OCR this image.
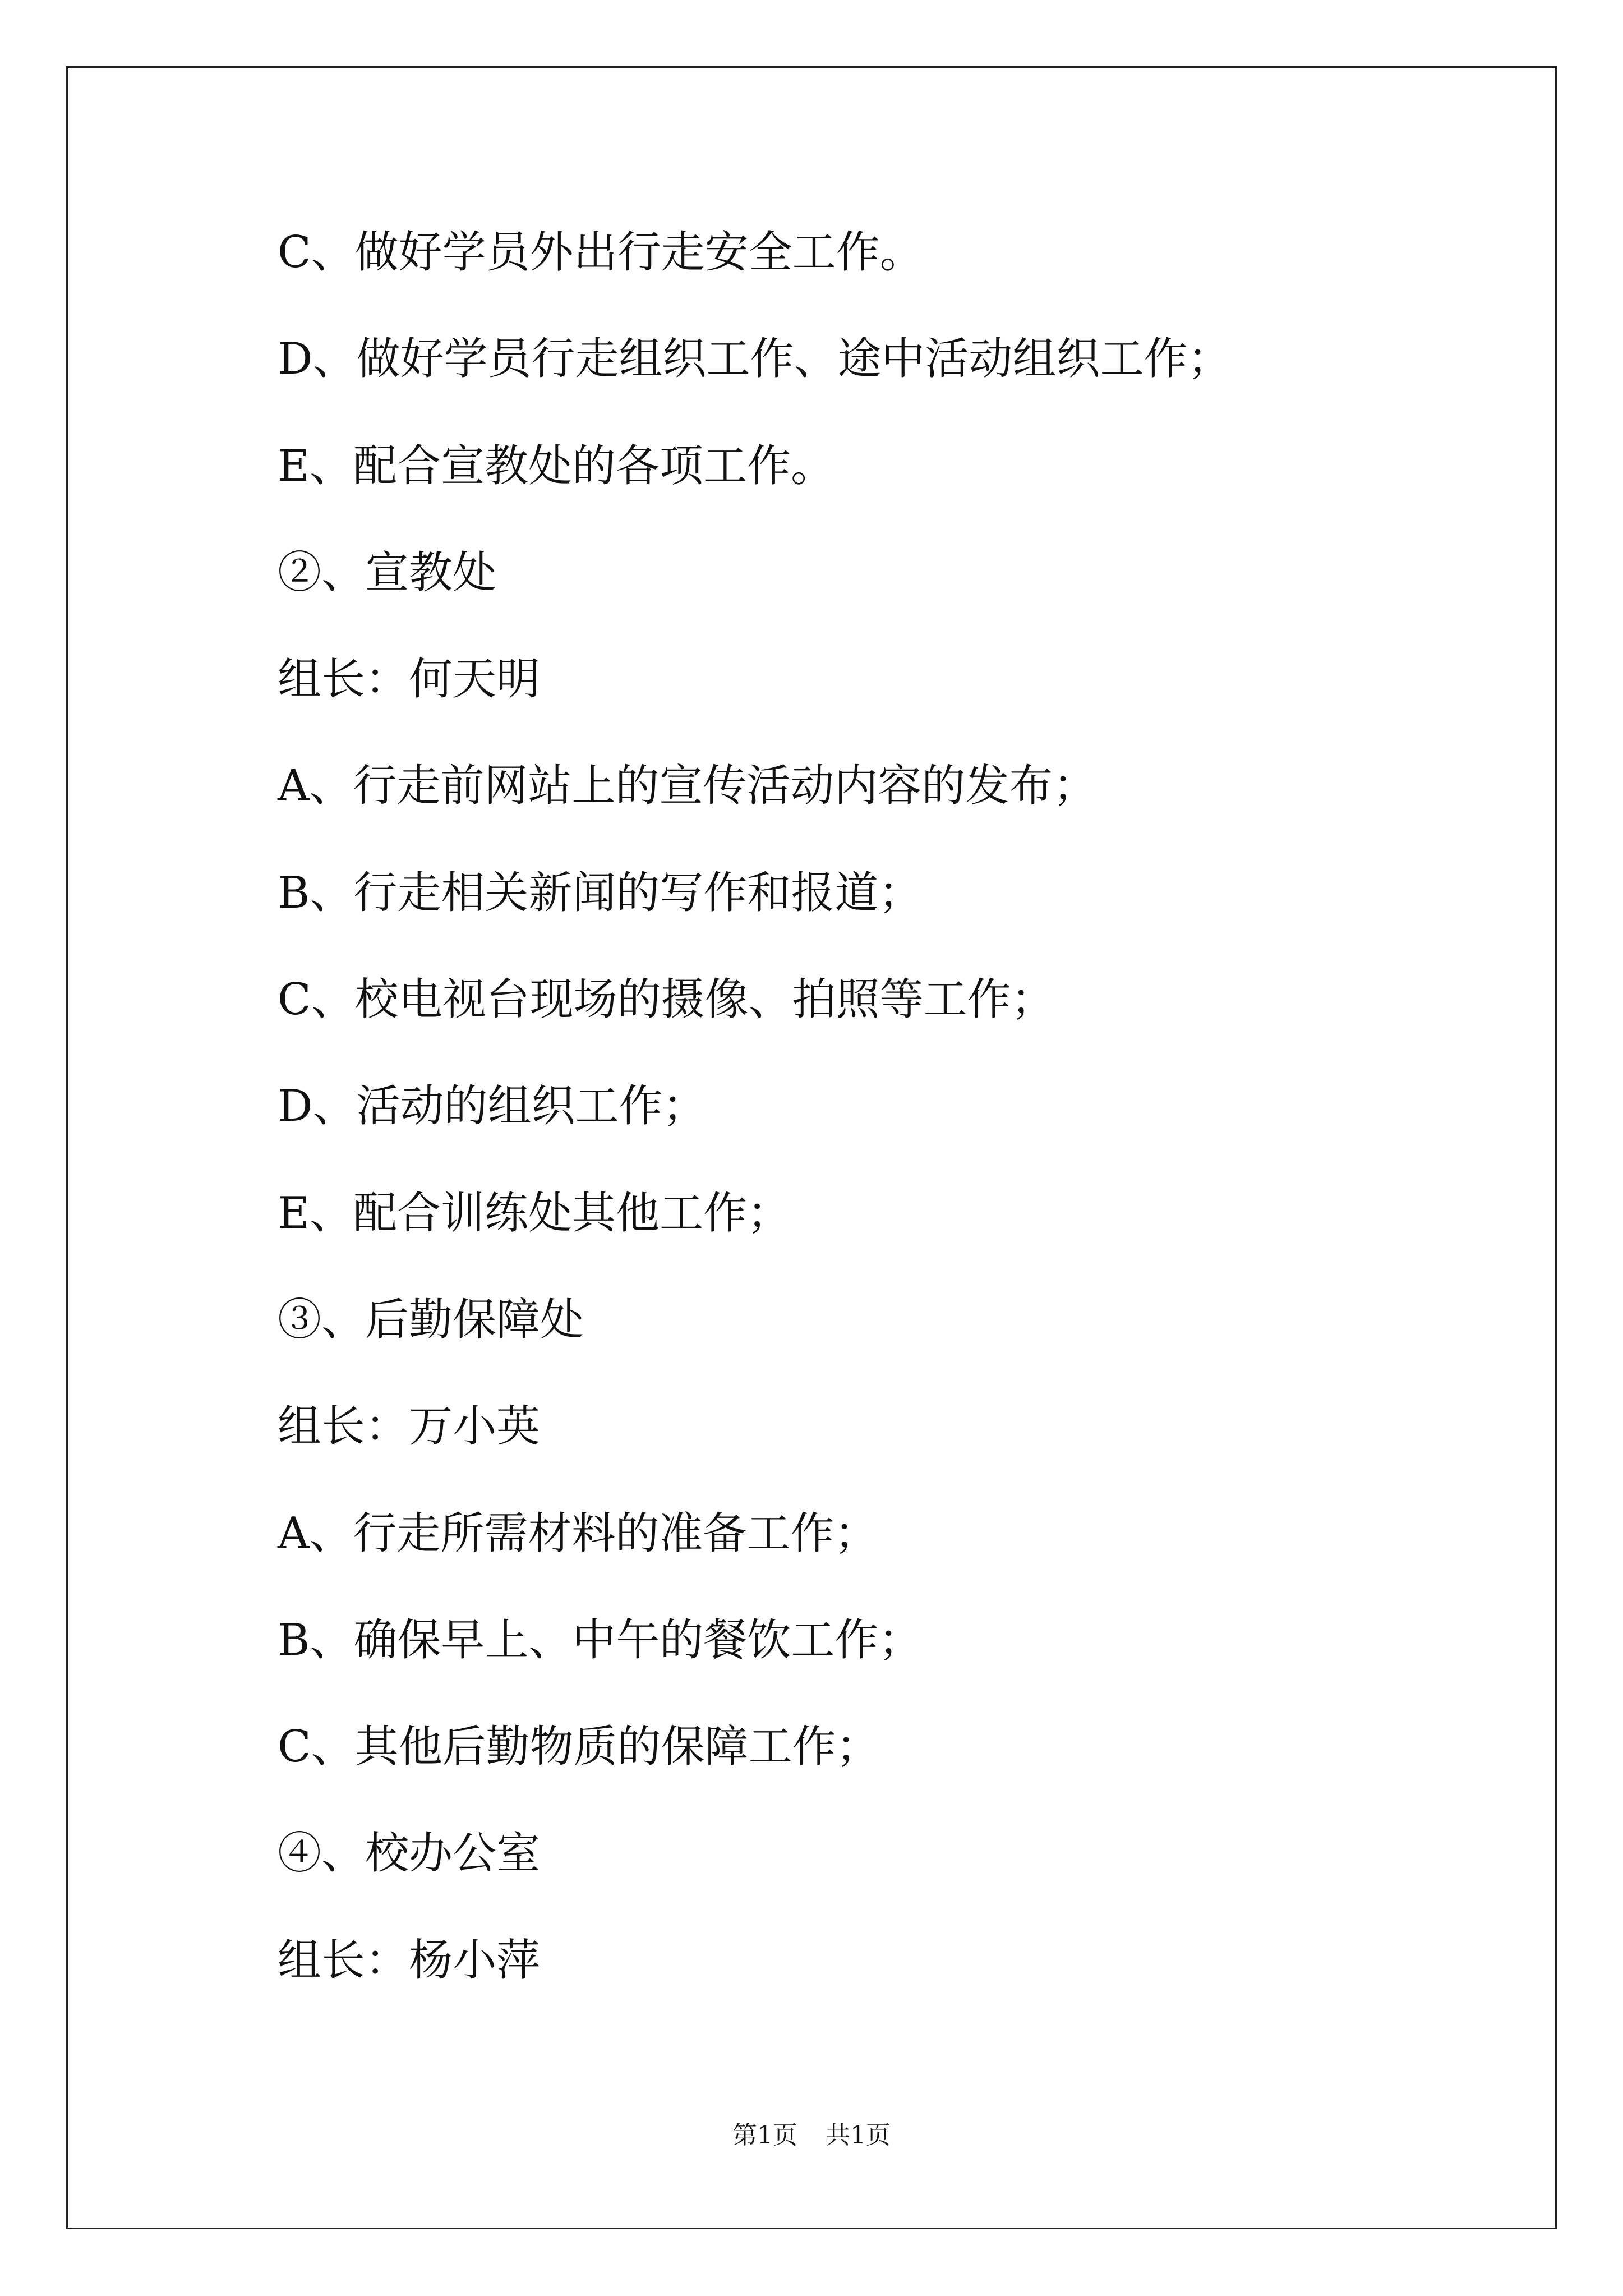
C、做好学员外出行走安全工作。
D、做好学员行走组织工作、途中活动组织工作；
E、配合宣教处的各项工作。
②、宣教处
组长：何天明
A、行走前网站上的宣传活动内容的发布；
B、行走相关新闻的写作和报道；
C、校电视台现场的摄像、拍照等工作；
D、活动的组织工作；
E、配合训练处其他工作；
③、后勤保障处
组长：万小英
A、行走所需材料的准备工作；
B、确保早上、中午的餐饮工作；
C、其他后勤物质的保障工作；
④、校办公室
组长：杨小萍
第1页 共1页
